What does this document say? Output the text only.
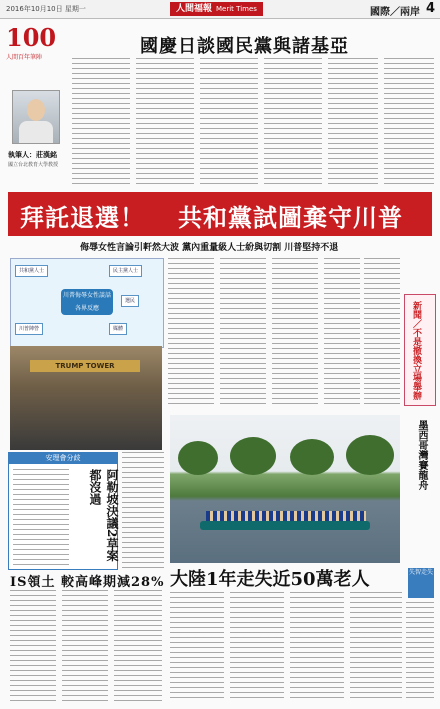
2016年10月10日 星期一	人間福報 Merit Times	國際／兩岸 4
100
人間百年筆陣
國慶日談國民黨與諸基亞
執筆人：莊漢銘
國立台北教育大學教授
拜託退選！ 共和黨試圖棄守川普
侮辱女性言論引軒然大波 黨內重量級人士紛與切割 川普堅持不退
川普侮辱女性談話各界反應
共和黨人士	民主黨人士
川普陣營	媒體
選民
TRUMP TOWER	新聞／不是撤換立場舉辦
安理會分歧
阿勒坡決議2草案都沒過
IS領土 較高峰期減28%
墨西哥灣賽龍舟
大陸1年走失近50萬老人	失智走失
